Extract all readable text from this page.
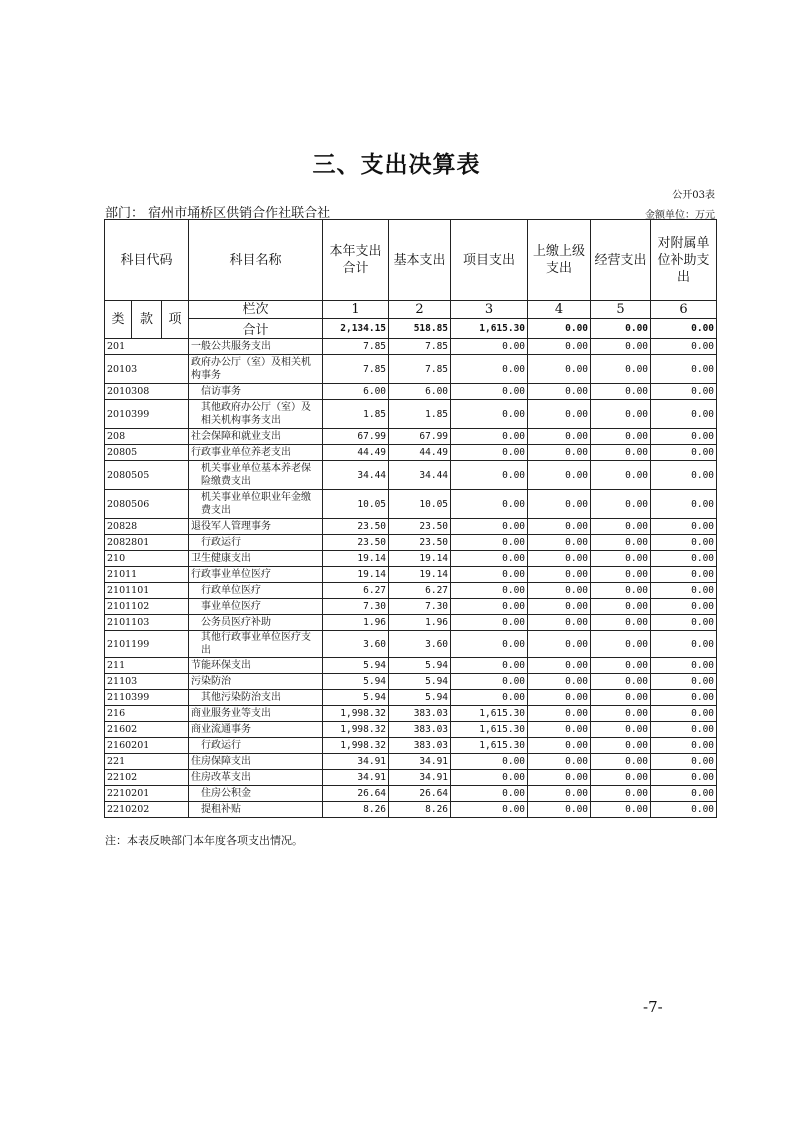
三、支出决算表
公开03表
部门： 宿州市埇桥区供销合作社联合社	金额单位：万元
科目代码			科目名称	本年支出合计	基本支出	项目支出	上缴上级支出	经营支出	对附属单位补助支出
类	款	项	栏次	1	2	3	4	5	6
			合计	2,134.15	518.85	1,615.30	0.00	0.00	0.00
201			一般公共服务支出	7.85	7.85	0.00	0.00	0.00	0.00
20103			政府办公厅（室）及相关机构事务	7.85	7.85	0.00	0.00	0.00	0.00
2010308			信访事务	6.00	6.00	0.00	0.00	0.00	0.00
2010399			其他政府办公厅（室）及相关机构事务支出	1.85	1.85	0.00	0.00	0.00	0.00
208			社会保障和就业支出	67.99	67.99	0.00	0.00	0.00	0.00
20805			行政事业单位养老支出	44.49	44.49	0.00	0.00	0.00	0.00
2080505			机关事业单位基本养老保险缴费支出	34.44	34.44	0.00	0.00	0.00	0.00
2080506			机关事业单位职业年金缴费支出	10.05	10.05	0.00	0.00	0.00	0.00
20828			退役军人管理事务	23.50	23.50	0.00	0.00	0.00	0.00
2082801			行政运行	23.50	23.50	0.00	0.00	0.00	0.00
210			卫生健康支出	19.14	19.14	0.00	0.00	0.00	0.00
21011			行政事业单位医疗	19.14	19.14	0.00	0.00	0.00	0.00
2101101			行政单位医疗	6.27	6.27	0.00	0.00	0.00	0.00
2101102			事业单位医疗	7.30	7.30	0.00	0.00	0.00	0.00
2101103			公务员医疗补助	1.96	1.96	0.00	0.00	0.00	0.00
2101199			其他行政事业单位医疗支出	3.60	3.60	0.00	0.00	0.00	0.00
211			节能环保支出	5.94	5.94	0.00	0.00	0.00	0.00
21103			污染防治	5.94	5.94	0.00	0.00	0.00	0.00
2110399			其他污染防治支出	5.94	5.94	0.00	0.00	0.00	0.00
216			商业服务业等支出	1,998.32	383.03	1,615.30	0.00	0.00	0.00
21602			商业流通事务	1,998.32	383.03	1,615.30	0.00	0.00	0.00
2160201			行政运行	1,998.32	383.03	1,615.30	0.00	0.00	0.00
221			住房保障支出	34.91	34.91	0.00	0.00	0.00	0.00
22102			住房改革支出	34.91	34.91	0.00	0.00	0.00	0.00
2210201			住房公积金	26.64	26.64	0.00	0.00	0.00	0.00
2210202			提租补贴	8.26	8.26	0.00	0.00	0.00	0.00
注：本表反映部门本年度各项支出情况。
-7-
